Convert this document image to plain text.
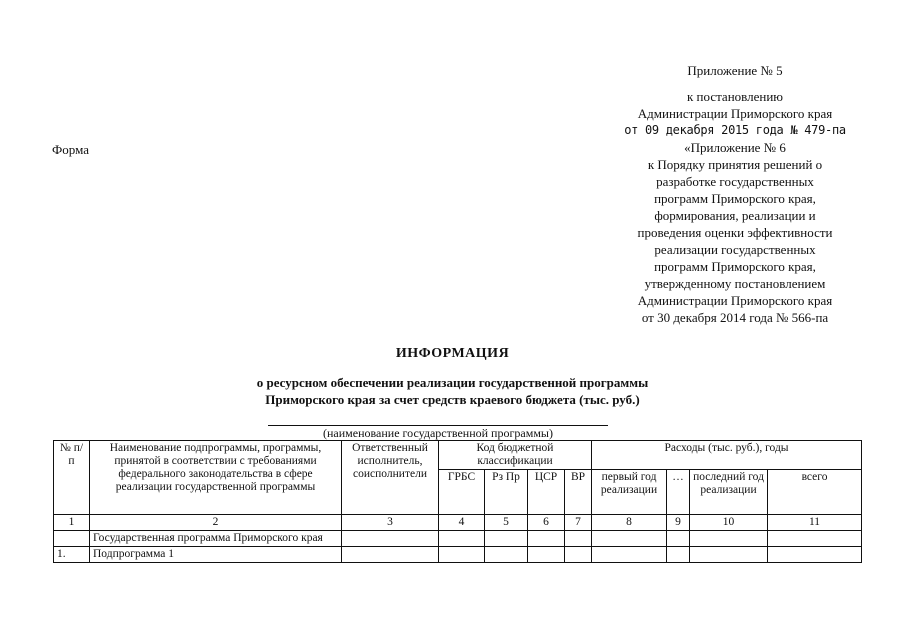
Приложение № 5
к постановлению
Администрации Приморского края
от 09 декабря 2015 года № 479-па
«Приложение № 6
к Порядку принятия решений о
разработке государственных
программ Приморского края,
формирования, реализации и
проведения оценки эффективности
реализации государственных
программ Приморского края,
утвержденному постановлением
Администрации Приморского края
от 30 декабря 2014 года № 566-па
Форма
ИНФОРМАЦИЯ
о ресурсном обеспечении реализации государственной программы
Приморского края за счет средств краевого бюджета (тыс. руб.)
(наименование государственной программы)
№ п/п	Наименование подпрограммы, программы, принятой в соответствии с требованиями федерального законодательства в сфере реализации государственной программы	Ответственный исполнитель, соисполнители	Код бюджетной классификации				Расходы (тыс. руб.), годы			
			ГРБС	Рз Пр	ЦСР	ВР	первый год реализации	…	последний год реализации	всего
1	2	3	4	5	6	7	8	9	10	11
	Государственная программа Приморского края									
1.	Подпрограмма 1									
